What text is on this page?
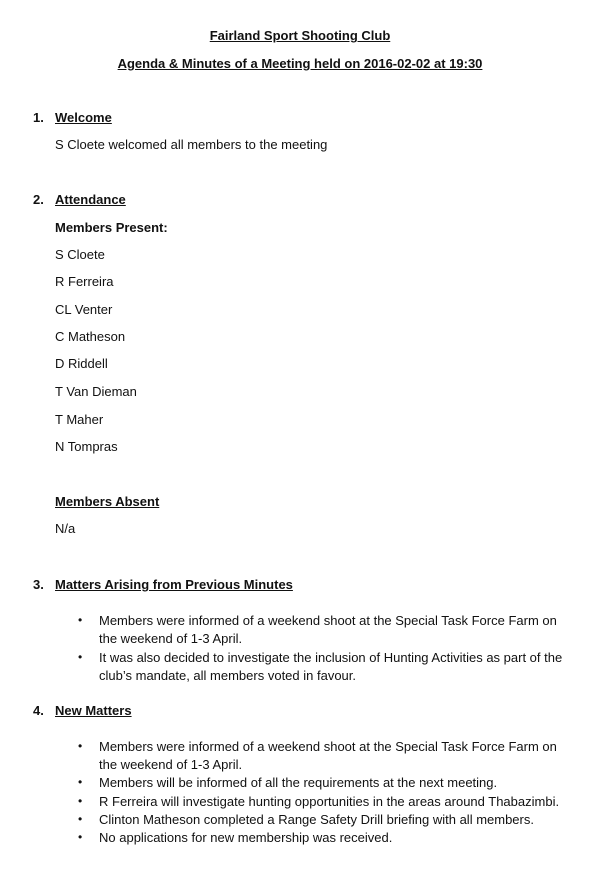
Fairland Sport Shooting Club
Agenda & Minutes of a Meeting held on 2016-02-02 at 19:30
1. Welcome
S Cloete welcomed all members to the meeting
2. Attendance
Members Present:
S Cloete
R Ferreira
CL Venter
C Matheson
D Riddell
T Van Dieman
T Maher
N Tompras
Members Absent
N/a
3. Matters Arising from Previous Minutes
• Members were informed of a weekend shoot at the Special Task Force Farm on the weekend of 1-3 April.
• It was also decided to investigate the inclusion of Hunting Activities as part of the club’s mandate, all members voted in favour.
4. New Matters
• Members were informed of a weekend shoot at the Special Task Force Farm on the weekend of 1-3 April.
• Members will be informed of all the requirements at the next meeting.
• R Ferreira will investigate hunting opportunities in the areas around Thabazimbi.
• Clinton Matheson completed a Range Safety Drill briefing with all members.
• No applications for new membership was received.
